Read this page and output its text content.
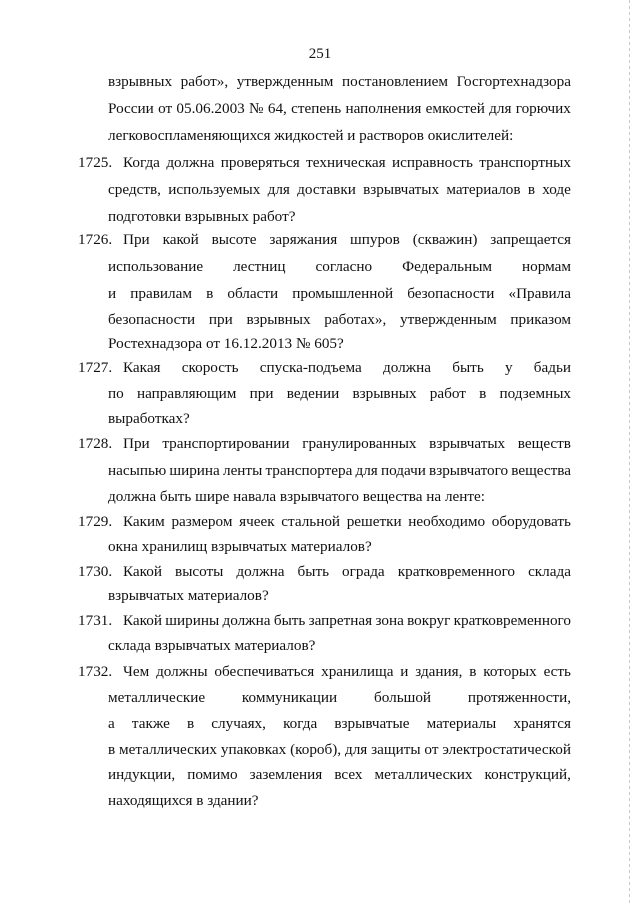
251
взрывных работ», утвержденным постановлением Госгортехнадзора
России от 05.06.2003 № 64, степень наполнения емкостей для горючих
легковоспламеняющихся жидкостей и растворов окислителей:
1725. Когда должна проверяться техническая исправность транспортных
средств, используемых для доставки взрывчатых материалов в ходе
подготовки взрывных работ?
1726. При какой высоте заряжания шпуров (скважин) запрещается
использование лестниц согласно Федеральным нормам
и правилам в области промышленной безопасности «Правила
безопасности при взрывных работах», утвержденным приказом
Ростехнадзора от 16.12.2013 № 605?
1727. Какая скорость спуска-подъема должна быть у бадьи
по направляющим при ведении взрывных работ в подземных
выработках?
1728. При транспортировании гранулированных взрывчатых веществ
насыпью ширина ленты транспортера для подачи взрывчатого вещества
должна быть шире навала взрывчатого вещества на ленте:
1729. Каким размером ячеек стальной решетки необходимо оборудовать
окна хранилищ взрывчатых материалов?
1730. Какой высоты должна быть ограда кратковременного склада
взрывчатых материалов?
1731. Какой ширины должна быть запретная зона вокруг кратковременного
склада взрывчатых материалов?
1732. Чем должны обеспечиваться хранилища и здания, в которых есть
металлические коммуникации большой протяженности,
а также в случаях, когда взрывчатые материалы хранятся
в металлических упаковках (короб), для защиты от электростатической
индукции, помимо заземления всех металлических конструкций,
находящихся в здании?
